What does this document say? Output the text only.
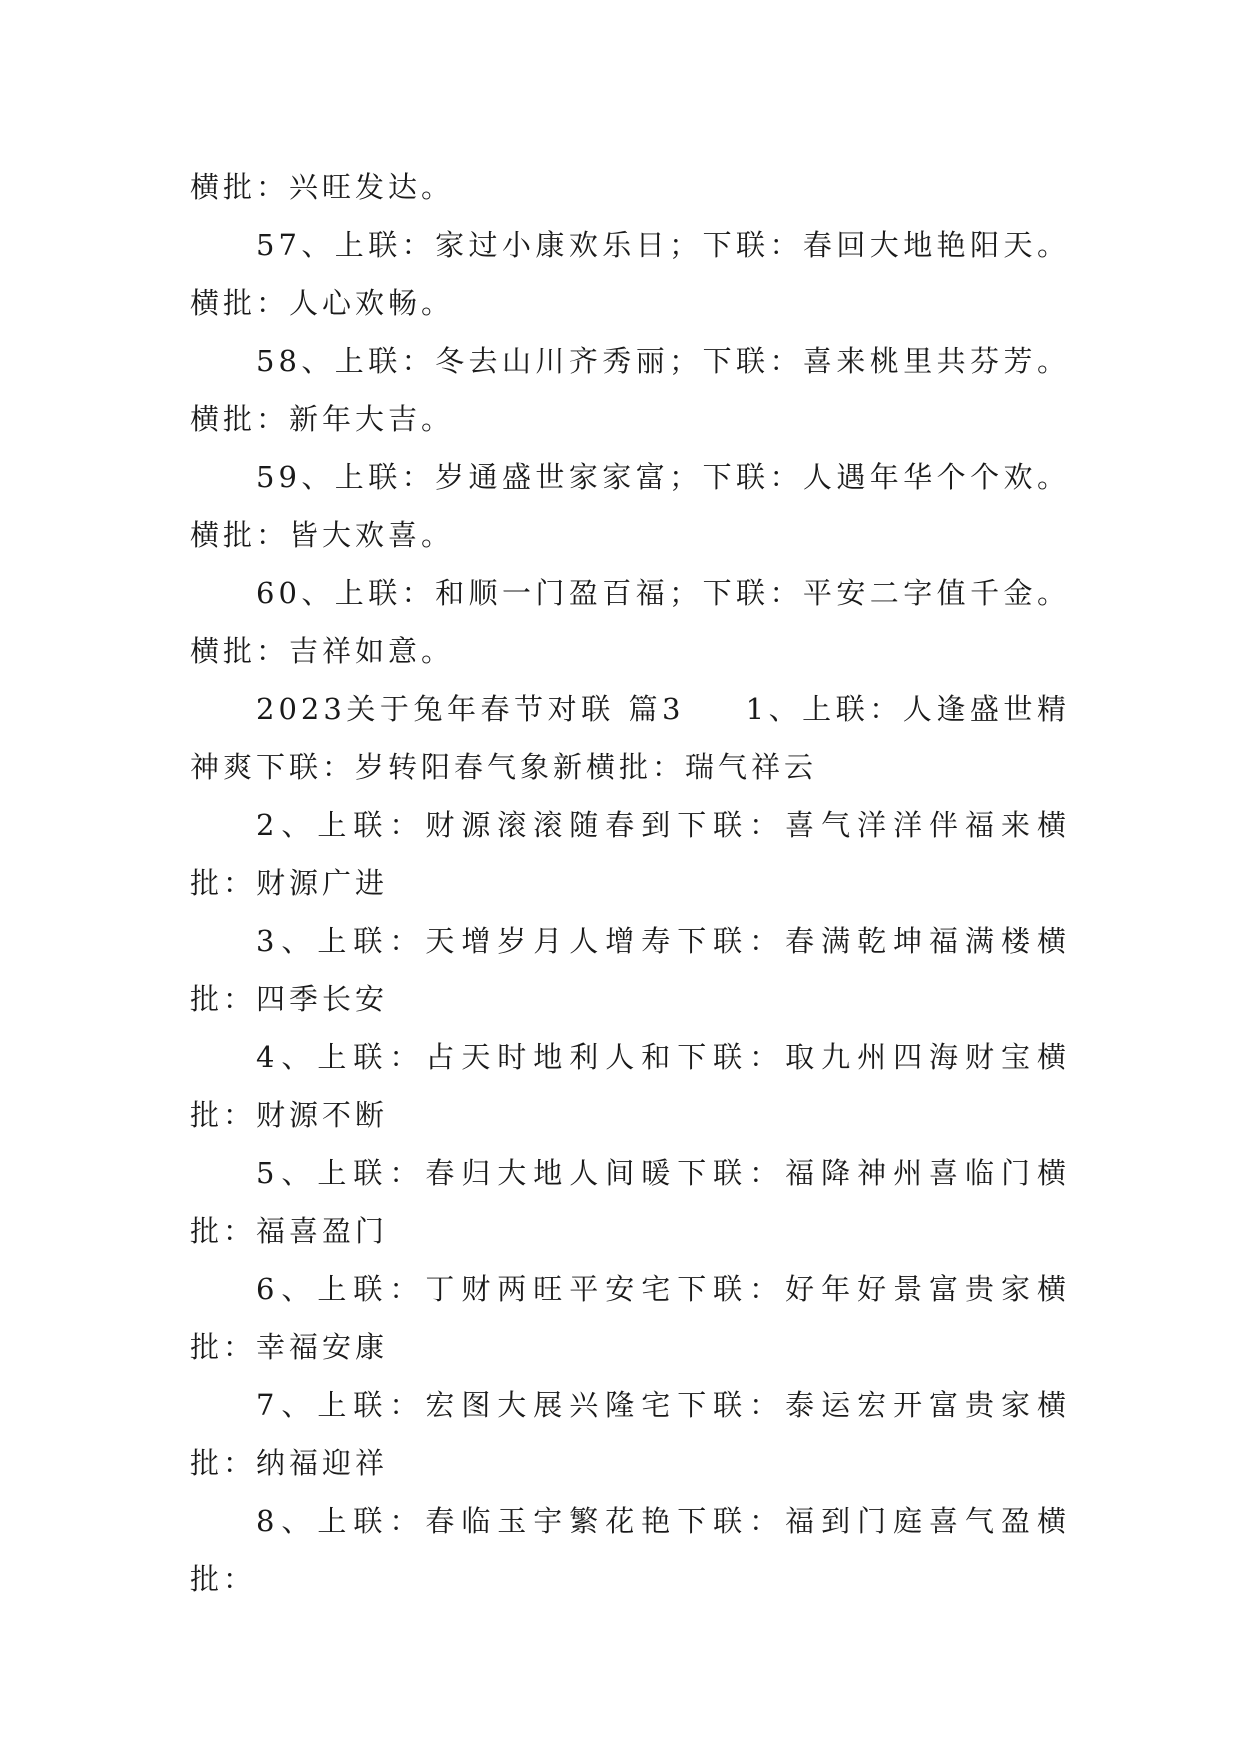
横批：兴旺发达。

57、上联：家过小康欢乐日；下联：春回大地艳阳天。横批：人心欢畅。

58、上联：冬去山川齐秀丽；下联：喜来桃里共芬芳。横批：新年大吉。

59、上联：岁通盛世家家富；下联：人遇年华个个欢。横批：皆大欢喜。

60、上联：和顺一门盈百福；下联：平安二字值千金。横批：吉祥如意。

2023关于兔年春节对联 篇3 　 1、上联：人逢盛世精神爽下联：岁转阳春气象新横批：瑞气祥云

2、上联：财源滚滚随春到下联：喜气洋洋伴福来横批：财源广进

3、上联：天增岁月人增寿下联：春满乾坤福满楼横批：四季长安

4、上联：占天时地利人和下联：取九州四海财宝横批：财源不断

5、上联：春归大地人间暖下联：福降神州喜临门横批：福喜盈门

6、上联：丁财两旺平安宅下联：好年好景富贵家横批：幸福安康

7、上联：宏图大展兴隆宅下联：泰运宏开富贵家横批：纳福迎祥

8、上联：春临玉宇繁花艳下联：福到门庭喜气盈横批：
